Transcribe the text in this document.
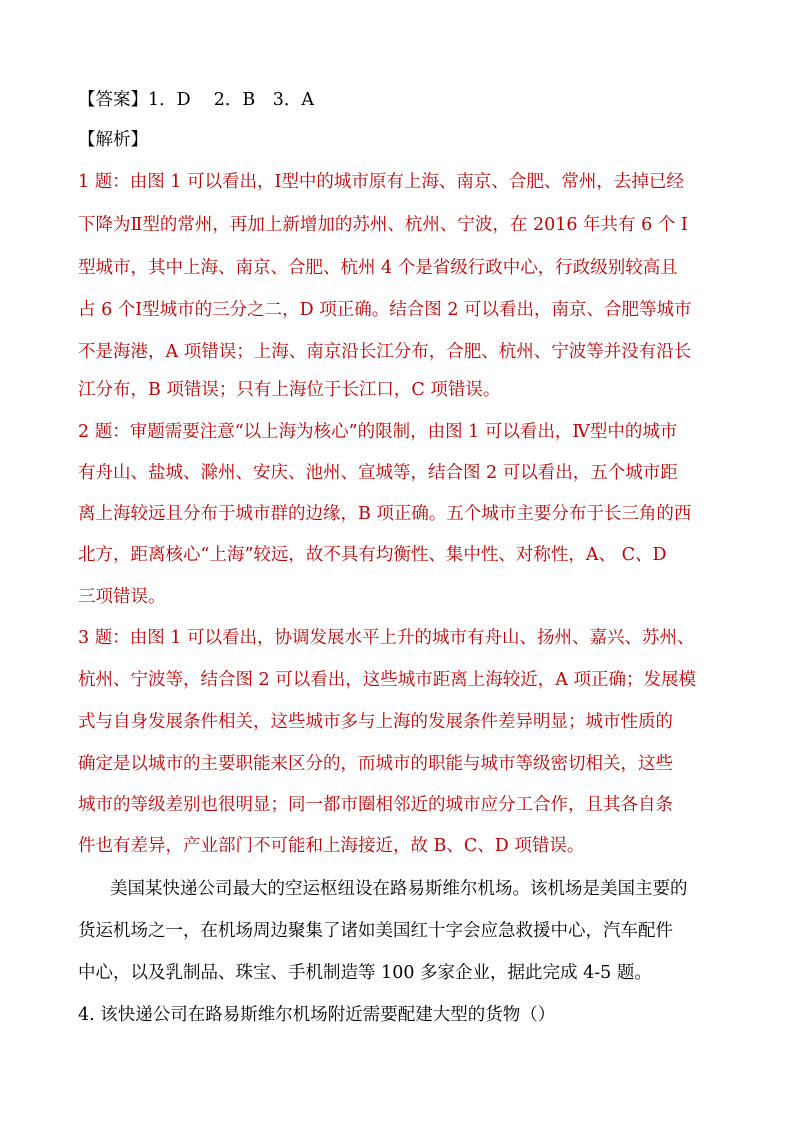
【答案】1．D　 2．B　3．A
【解析】
1 题：由图 1 可以看出，Ⅰ型中的城市原有上海、南京、合肥、常州，去掉已经
下降为Ⅱ型的常州，再加上新增加的苏州、杭州、宁波，在 2016 年共有 6 个 Ⅰ
型城市，其中上海、南京、合肥、杭州 4 个是省级行政中心，行政级别较高且
占 6 个Ⅰ型城市的三分之二，D 项正确。结合图 2 可以看出，南京、合肥等城市
不是海港，A 项错误；上海、南京沿长江分布，合肥、杭州、宁波等并没有沿长
江分布，B 项错误；只有上海位于长江口，C 项错误。
2 题：审题需要注意“以上海为核心”的限制，由图 1 可以看出，Ⅳ型中的城市
有舟山、盐城、滁州、安庆、池州、宣城等，结合图 2 可以看出，五个城市距
离上海较远且分布于城市群的边缘，B 项正确。五个城市主要分布于长三角的西
北方，距离核心“上海”较远，故不具有均衡性、集中性、对称性，A、 C、D
三项错误。
3 题：由图 1 可以看出，协调发展水平上升的城市有舟山、扬州、嘉兴、苏州、
杭州、宁波等，结合图 2 可以看出，这些城市距离上海较近，A 项正确；发展模
式与自身发展条件相关，这些城市多与上海的发展条件差异明显；城市性质的
确定是以城市的主要职能来区分的，而城市的职能与城市等级密切相关，这些
城市的等级差别也很明显；同一都市圈相邻近的城市应分工合作，且其各自条
件也有差异，产业部门不可能和上海接近，故 B、C、D 项错误。
美国某快递公司最大的空运枢纽设在路易斯维尔机场。该机场是美国主要的
货运机场之一，在机场周边聚集了诸如美国红十字会应急救援中心，汽车配件
中心，以及乳制品、珠宝、手机制造等 100 多家企业，据此完成 4-5 题。
4. 该快递公司在路易斯维尔机场附近需要配建大型的货物（）
